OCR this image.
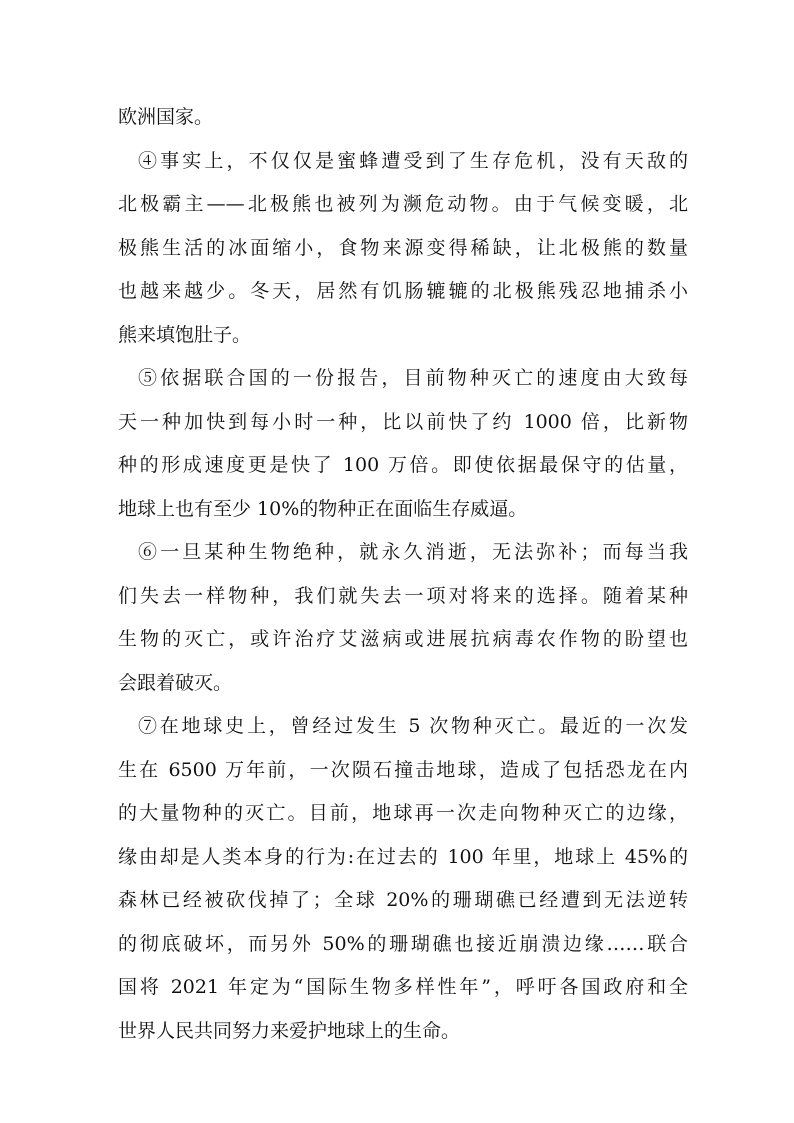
欧洲国家。
④事实上，不仅仅是蜜蜂遭受到了生存危机，没有天敌的
北极霸主——北极熊也被列为濒危动物。由于气候变暖，北
极熊生活的冰面缩小，食物来源变得稀缺，让北极熊的数量
也越来越少。冬天，居然有饥肠辘辘的北极熊残忍地捕杀小
熊来填饱肚子。
⑤依据联合国的一份报告，目前物种灭亡的速度由大致每
天一种加快到每小时一种，比以前快了约 1000 倍，比新物
种的形成速度更是快了 100 万倍。即使依据最保守的估量，
地球上也有至少 10%的物种正在面临生存威逼。
⑥一旦某种生物绝种，就永久消逝，无法弥补；而每当我
们失去一样物种，我们就失去一项对将来的选择。随着某种
生物的灭亡，或许治疗艾滋病或进展抗病毒农作物的盼望也
会跟着破灭。
⑦在地球史上，曾经过发生 5 次物种灭亡。最近的一次发
生在 6500 万年前，一次陨石撞击地球，造成了包括恐龙在内
的大量物种的灭亡。目前，地球再一次走向物种灭亡的边缘，
缘由却是人类本身的行为:在过去的 100 年里，地球上 45%的
森林已经被砍伐掉了；全球 20%的珊瑚礁已经遭到无法逆转
的彻底破坏，而另外 50%的珊瑚礁也接近崩溃边缘……联合
国将 2021 年定为“国际生物多样性年”，呼吁各国政府和全
世界人民共同努力来爱护地球上的生命。
